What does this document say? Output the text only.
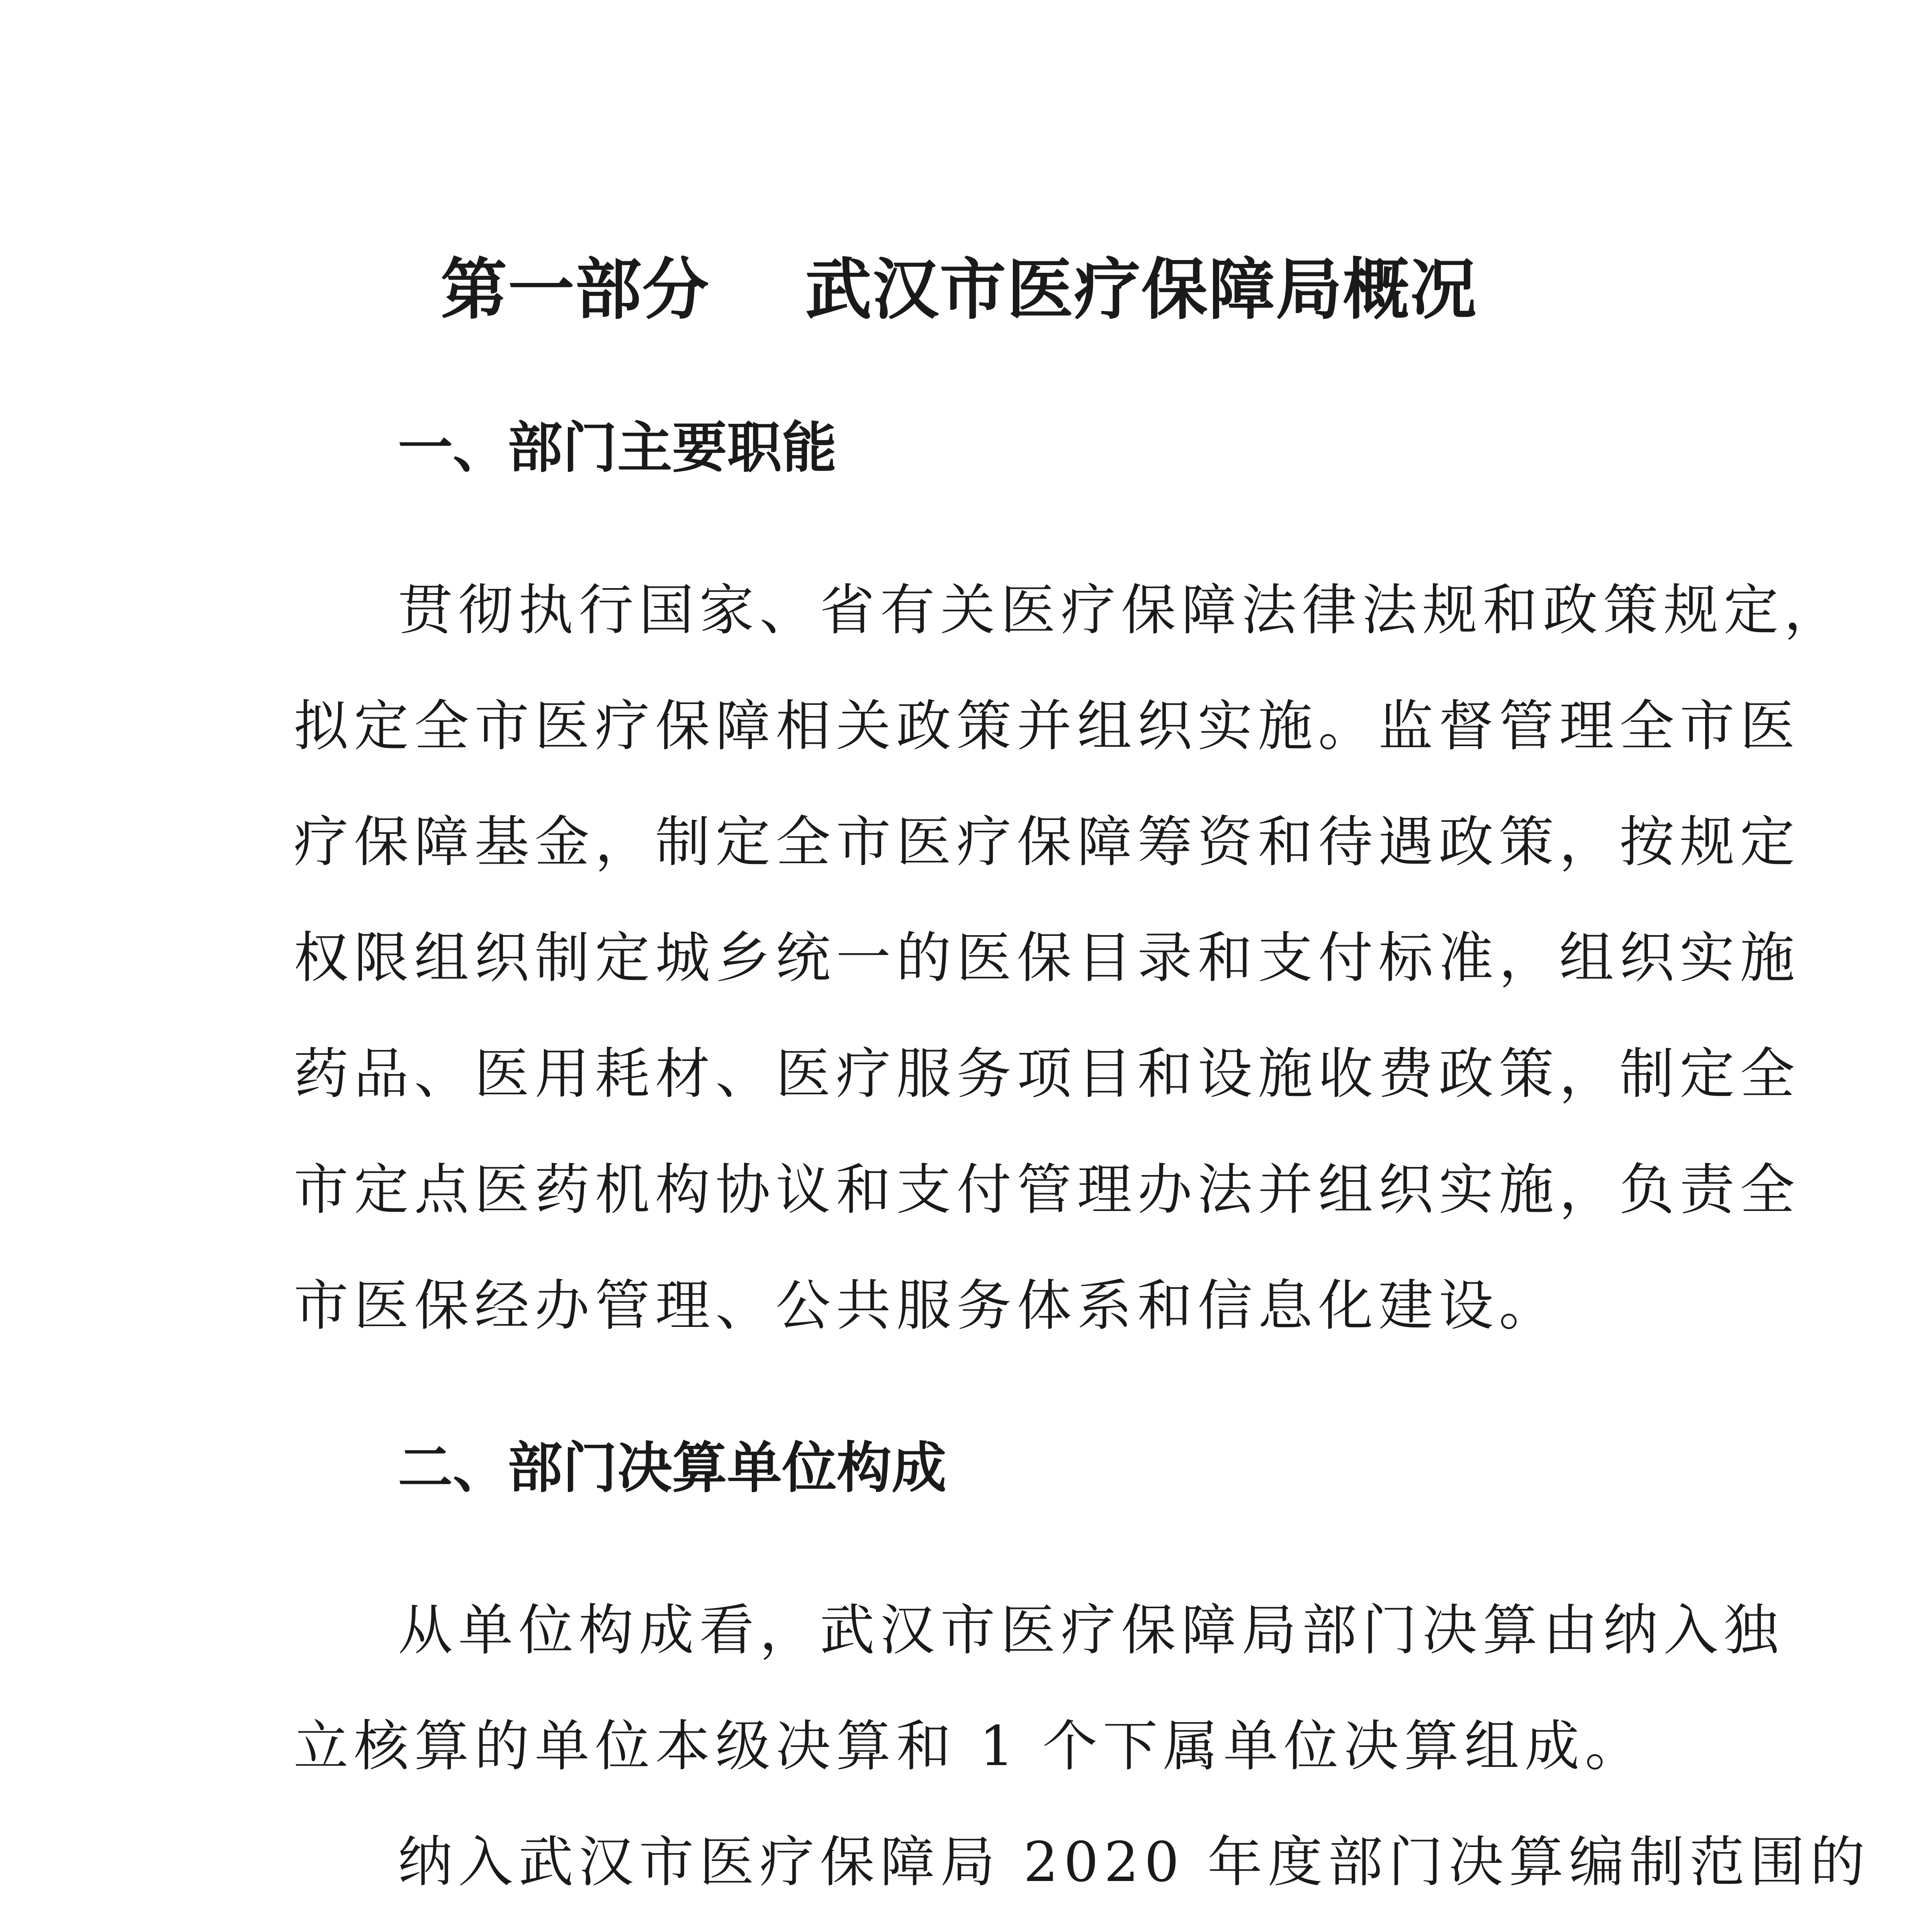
第一部分    武汉市医疗保障局概况
一、部门主要职能
贯彻执行国家、省有关医疗保障法律法规和政策规定，
拟定全市医疗保障相关政策并组织实施。监督管理全市医
疗保障基金，制定全市医疗保障筹资和待遇政策，按规定
权限组织制定城乡统一的医保目录和支付标准，组织实施
药品、医用耗材、医疗服务项目和设施收费政策，制定全
市定点医药机构协议和支付管理办法并组织实施，负责全
市医保经办管理、公共服务体系和信息化建设。
二、部门决算单位构成
从单位构成看，武汉市医疗保障局部门决算由纳入独
立核算的单位本级决算和 1 个下属单位决算组成。
纳入武汉市医疗保障局 2020 年度部门决算编制范围的
